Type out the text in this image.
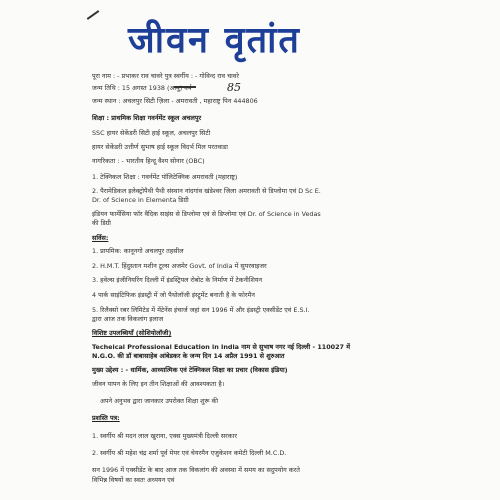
जीवन वृतांत
पूरा नाम : - प्रभाकर राव चावरे पुत्र स्वर्गीय : - गोविन्द राव चावरे
जन्म तिथि : 15 अगस्त 1938 (आयु) वर्ष	85
जन्म स्थान : अचलपुर सिटी ज़िला - अमरावती , महाराष्ट्र पिन 444806
शिक्षा : प्राथमिक शिक्षा गवर्नमेंट स्कूल अचलपुर
SSC हायर सेकेंडरी सिटी हाई स्कूल, अचलपुर सिटी
हायर सेकेंडरी उत्तीर्ण सुभाष हाई स्कूल विदर्भ मिल परतवाडा
नागरिकता : - भारतीय हिन्दू वैश्य सोनार (OBC)
1. टेक्निकल शिक्षा : गवर्नमेंट पॉलिटेक्निक अमरावती (महाराष्ट्र)
2. पैरामेडिकल इलेक्ट्रोपैथी पैथी संस्थान नांदगांव खंडेश्वर जिला अमरावती से डिप्लोमा एवं D Sc E.
Dr. of Science in Elementa डिग्री
इंडियन फार्मेसिया फॉर वैदिक साइंस से डिप्लोमा एवं से डिप्लोमा एवं Dr. of Science in Vedas
की डिग्री
सर्विस:
1. प्रायमिक: कानूनगो अचलपुर तहसील
2. H.M.T. हिंदुस्तान मशीन टूल्स अजमेर Govt. of India में सुपरवाइजर
3. हवेल्स इंजीनियरिंग दिल्ली में इंडस्ट्रियल रोबोट के निर्माण में टेकनीशियन
4 पार्क साइंटिफिक इंडस्ट्री में जो पैथोलॉजी इंस्ट्रूमेंट बनाती है के फोरमैन
5. रिलैक्सो रबर लिमिटेड में मेंटेनेंस इंचार्ज जहां सन 1996 में और इंडस्ट्री एक्सीडेंट एवं E.S.I.
द्वारा आज तक विकलांग इलाज
विशिष्ट उपलब्धियाँ (सोशियोलॉजी)
Techeical Professional Education in India नाम से सुभाष नगर नई दिल्ली - 110027 में
N.G.O. की डॉ बाबासाहेब आंबेडकर के जन्म दिन 14 अप्रैल 1991 से शुरुआत
मुख्य उद्देश्य : - धार्मिक, आध्यात्मिक एवं टेक्निकल शिक्षा का प्रचार (विकास इंडिया)
जीवन यापन के लिए इन तीन शिक्षाओं की आवश्यकता है।
अपने अनुभव द्वारा जानकार उपरोक्त शिक्षा शुरू की
प्रशस्ति पत्र:
1. स्वर्गीय श्री मदन लाल खुराना, एक्स मुख्यमंत्री दिल्ली सरकार
2. स्वर्गीय श्री महेश चंद्र शर्मा पूर्व मेयर एवं चेयरमैन एजुकेशन कमेटी दिल्ली M.C.D.
सन 1996 में एक्सीडेंट के बाद आज तक विकलांग की अवस्था में समय का सदुपयोग करते
विभिन्न विषयों का स्वतः अध्ययन एवं
